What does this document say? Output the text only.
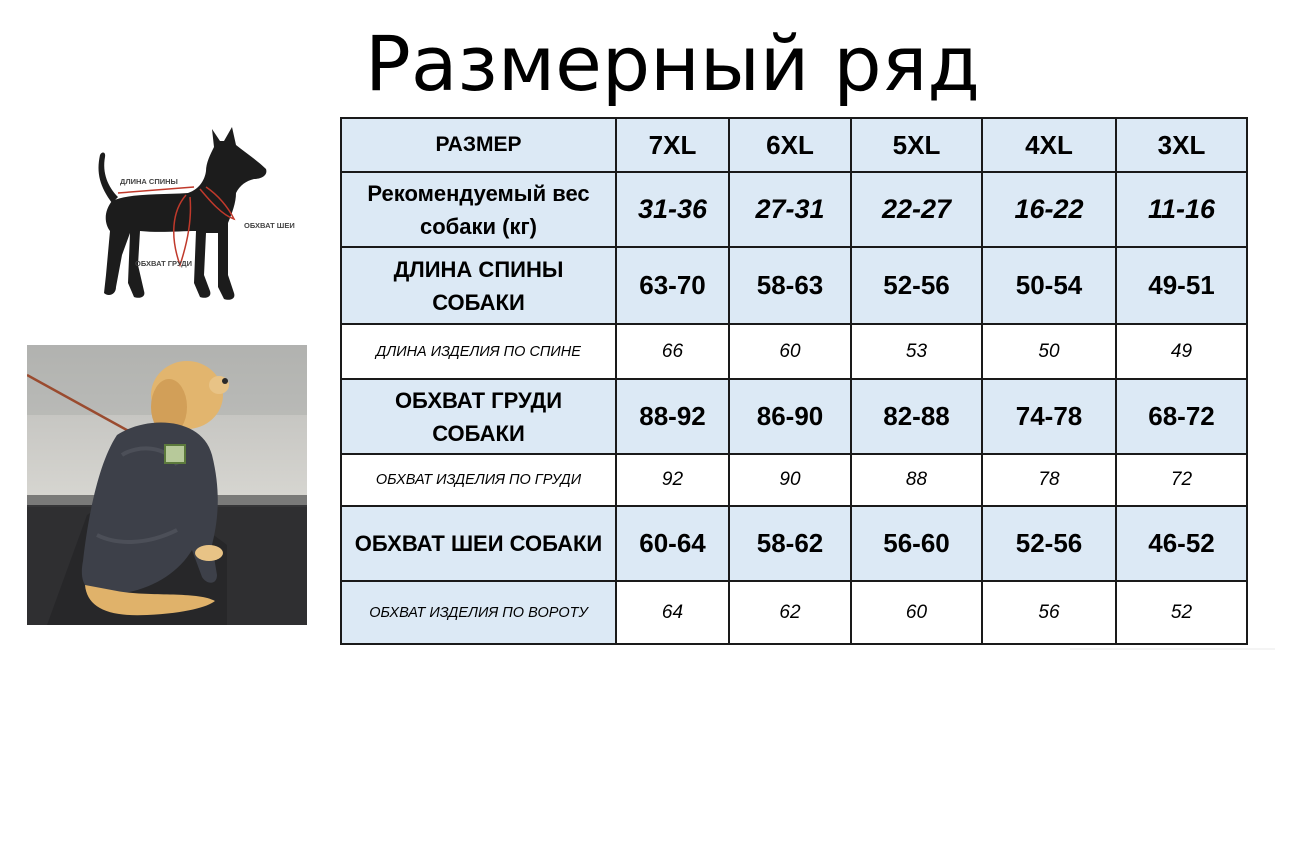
Размерный ряд
ДЛИНА СПИНЫ
ОБХВАТ ГРУДИ
ОБХВАТ ШЕИ
РАЗМЕР	7XL	6XL	5XL	4XL	3XL
Рекомендуемый вес
собаки (кг)	31-36	27-31	22-27	16-22	11-16
ДЛИНА СПИНЫ
СОБАКИ	63-70	58-63	52-56	50-54	49-51
ДЛИНА ИЗДЕЛИЯ ПО СПИНЕ	66	60	53	50	49
ОБХВАТ ГРУДИ
СОБАКИ	88-92	86-90	82-88	74-78	68-72
ОБХВАТ ИЗДЕЛИЯ ПО ГРУДИ	92	90	88	78	72
ОБХВАТ ШЕИ СОБАКИ	60-64	58-62	56-60	52-56	46-52
ОБХВАТ ИЗДЕЛИЯ ПО ВОРОТУ	64	62	60	56	52
